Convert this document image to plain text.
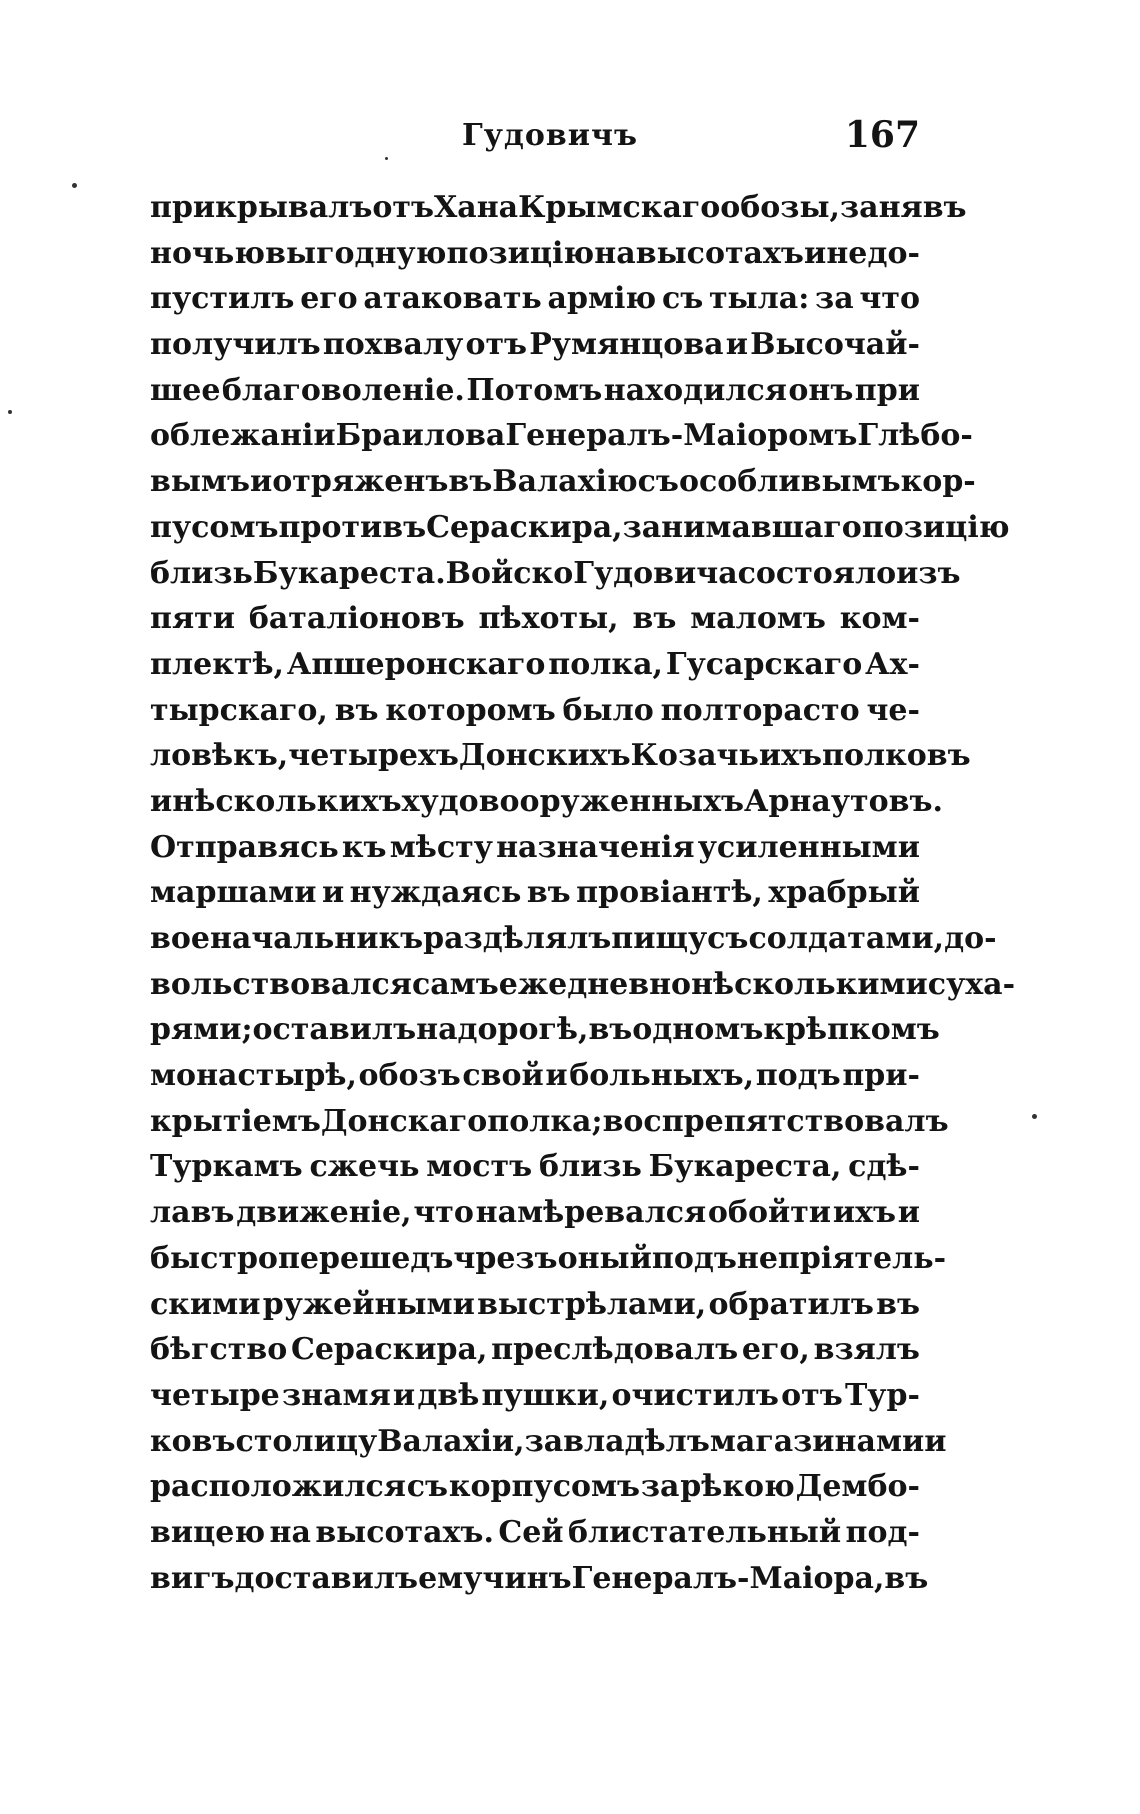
Гудовичъ	167
прикрывалъ отъ Хана Крымскаго обозы, занявъ
ночью выгодную позицію на высотахъ и не до-
пустилъ его атаковать армію съ тыла: за что
получилъ похвалу отъ Румянцова и Высочай-
шее благоволеніе. Потомъ находился онъ при
облежаніи Браилова Генералъ-Маіоромъ Глѣбо-
вымъ и отряженъ въ Валахію съ особливымъ кор-
пусомъ противъ Сераскира, занимавшаго позицію
близь Букареста. Войско Гудовича состояло изъ
пяти баталіоновъ пѣхоты, въ маломъ ком-
плектѣ, Апшеронскаго полка, Гусарскаго Ах-
тырскаго, въ которомъ было полторасто че-
ловѣкъ, четырехъ Донскихъ Козачьихъ полковъ
и нѣсколькихъ худо вооруженныхъ Арнаутовъ.
Отправясь къ мѣсту назначенія усиленными
маршами и нуждаясь въ провіантѣ, храбрый
военачальникъ раздѣлялъ пищу съ солдатами, до-
вольствовался самъ ежедневно нѣсколькими суха-
рями; оставилъ на дорогѣ, въ одномъ крѣпкомъ
монастырѣ, обозъ свой и больныхъ, подъ при-
крытіемъ Донскаго полка; воспрепятствовалъ
Туркамъ сжечь мостъ близь Букареста, сдѣ-
лавъ движеніе, что намѣревался обойти ихъ и
быстро перешедъ чрезъ оный подъ непріятель-
скими ружейными выстрѣлами, обратилъ въ
бѣгство Сераскира, преслѣдовалъ его, взялъ
четыре знамя и двѣ пушки, очистилъ отъ Тур-
ковъ столицу Валахіи, завладѣлъ магазинами и
расположился съ корпусомъ за рѣкою Дембо-
вицею на высотахъ. Сей блистательный под-
вигъ доставилъ ему чинъ Генералъ-Маіора, въ
